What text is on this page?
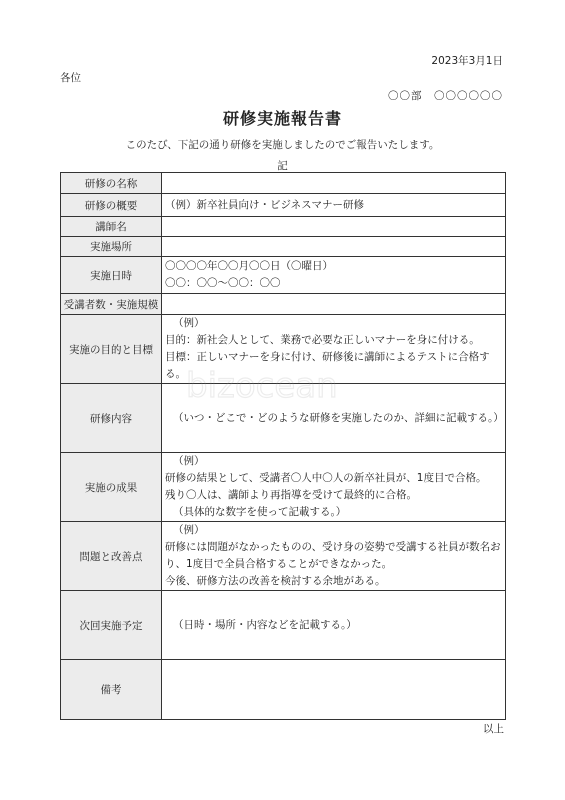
2023年3月1日
各位
〇〇部　〇〇〇〇〇〇
研修実施報告書
このたび、下記の通り研修を実施しましたのでご報告いたします。
記
研修の名称	
研修の概要	（例）新卒社員向け・ビジネスマナー研修

講師名	
実施場所	
実施日時	〇〇〇〇年〇〇月〇〇日（〇曜日）
〇〇：〇〇〜〇〇：〇〇

受講者数・実施規模	
実施の目的と目標	（例）
目的：新社会人として、業務で必要な正しいマナーを身に付ける。
目標：正しいマナーを身に付け、研修後に講師によるテストに合格す
る。

研修内容	（いつ・どこで・どのような研修を実施したのか、詳細に記載する。）

実施の成果	（例）
研修の結果として、受講者〇人中〇人の新卒社員が、1度目で合格。
残り〇人は、講師より再指導を受けて最終的に合格。
（具体的な数字を使って記載する。）

問題と改善点	（例）
研修には問題がなかったものの、受け身の姿勢で受講する社員が数名お
り、1度目で全員合格することができなかった。
今後、研修方法の改善を検討する余地がある。

次回実施予定	（日時・場所・内容などを記載する。）

備考	
以上
bizocean
